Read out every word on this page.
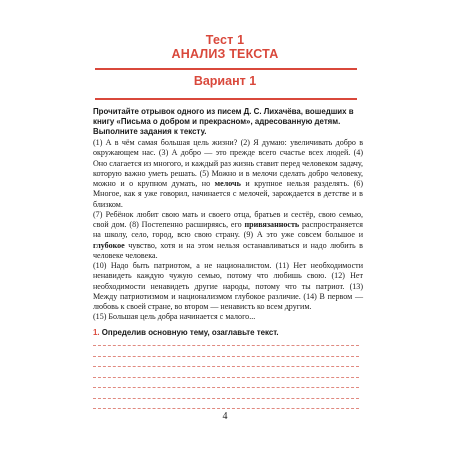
Тест 1
АНАЛИЗ ТЕКСТА
Вариант 1
Прочитайте отрывок одного из писем Д. С. Лихачёва, вошедших в книгу «Письма о добром и прекрасном», адресованную детям. Выполните задания к тексту.

(1) А в чём самая большая цель жизни? (2) Я думаю: увеличивать добро в окружающем нас. (3) А добро — это прежде всего счастье всех людей. (4) Оно слагается из многого, и каждый раз жизнь ставит перед человеком задачу, которую важно уметь решать. (5) Можно и в мелочи сделать добро человеку, можно и о крупном думать, но мелочь и крупное нельзя разделять. (6) Многое, как я уже говорил, начинается с мелочей, зарождается в детстве и в близком.

(7) Ребёнок любит свою мать и своего отца, братьев и сестёр, свою семью, свой дом. (8) Постепенно расширяясь, его привязанность распространяется на школу, село, город, всю свою страну. (9) А это уже совсем большое и глубокое чувство, хотя и на этом нельзя останавливаться и надо любить в человеке человека.

(10) Надо быть патриотом, а не националистом. (11) Нет необходимости ненавидеть каждую чужую семью, потому что любишь свою. (12) Нет необходимости ненавидеть другие народы, потому что ты патриот. (13) Между патриотизмом и национализмом глубокое различие. (14) В первом — любовь к своей стране, во втором — ненависть ко всем другим.

(15) Большая цель добра начинается с малого...

1. Определив основную тему, озаглавьте текст.
4
